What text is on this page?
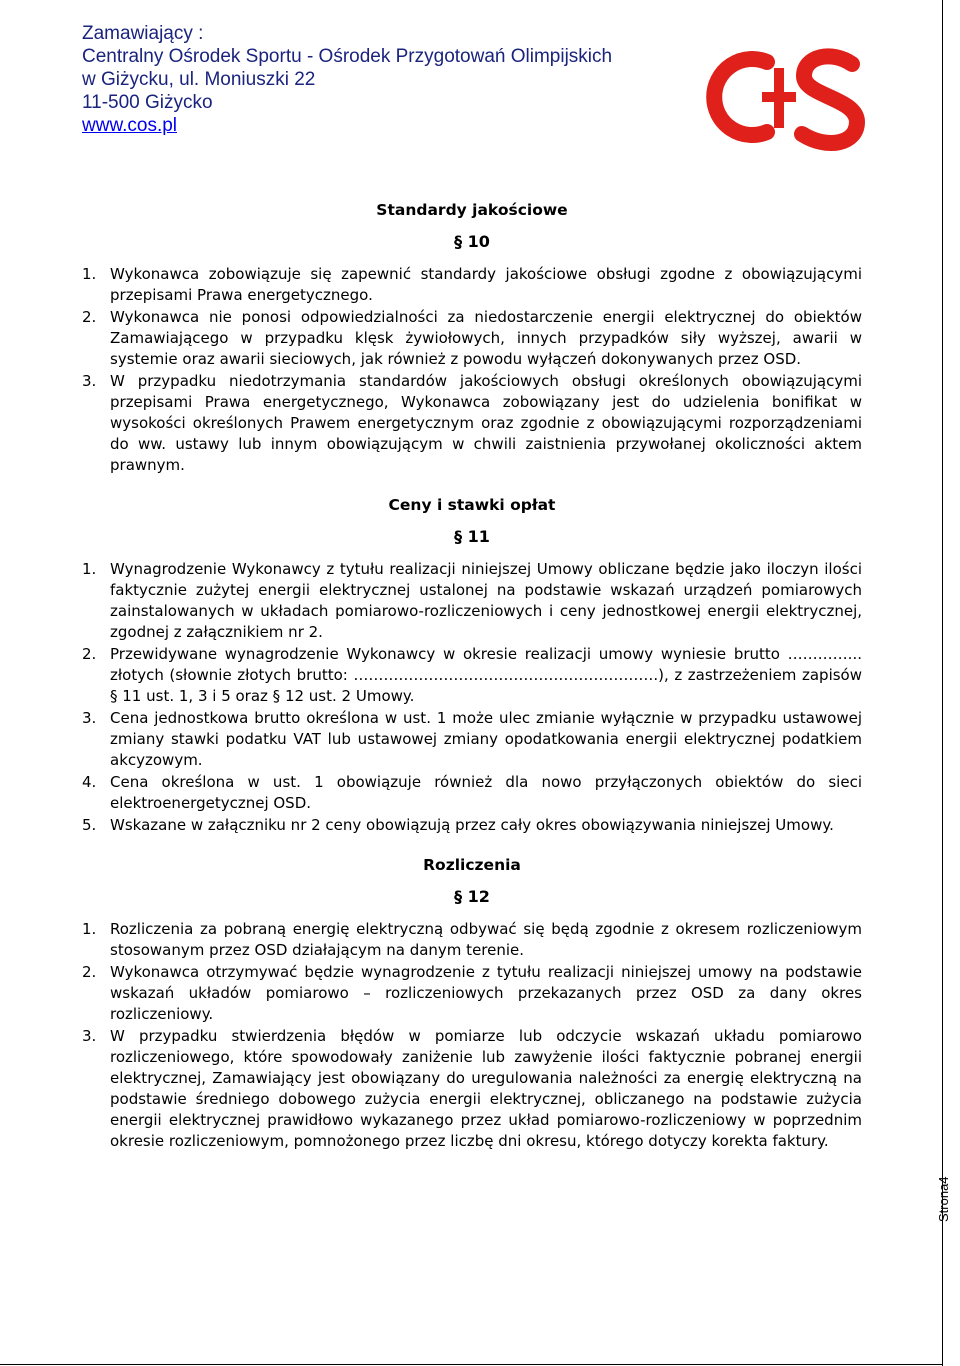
Zamawiający :
Centralny Ośrodek Sportu - Ośrodek Przygotowań Olimpijskich
w Giżycku, ul. Moniuszki 22
11-500 Giżycko
www.cos.pl
Strona4

Standardy jakościowe

§ 10

1. Wykonawca zobowiązuje się zapewnić standardy jakościowe obsługi zgodne z obowiązującymi przepisami Prawa energetycznego.
2. Wykonawca nie ponosi odpowiedzialności za niedostarczenie energii elektrycznej do obiektów Zamawiającego w przypadku klęsk żywiołowych, innych przypadków siły wyższej, awarii w systemie oraz awarii sieciowych, jak również z powodu wyłączeń dokonywanych przez OSD.
3. W przypadku niedotrzymania standardów jakościowych obsługi określonych obowiązującymi przepisami Prawa energetycznego, Wykonawca zobowiązany jest do udzielenia bonifikat w wysokości określonych Prawem energetycznym oraz zgodnie z obowiązującymi rozporządzeniami do ww. ustawy lub innym obowiązującym w chwili zaistnienia przywołanej okoliczności aktem prawnym.

Ceny i stawki opłat

§ 11

1. Wynagrodzenie Wykonawcy z tytułu realizacji niniejszej Umowy obliczane będzie jako iloczyn ilości faktycznie zużytej energii elektrycznej ustalonej na podstawie wskazań urządzeń pomiarowych zainstalowanych w układach pomiarowo-rozliczeniowych i ceny jednostkowej energii elektrycznej, zgodnej z załącznikiem nr 2.
2. Przewidywane wynagrodzenie Wykonawcy w okresie realizacji umowy wyniesie brutto …………... złotych (słownie złotych brutto: …………………………………………………….), z zastrzeżeniem zapisów § 11 ust. 1, 3 i 5 oraz § 12 ust. 2 Umowy.
3. Cena jednostkowa brutto określona w ust. 1 może ulec zmianie wyłącznie w przypadku ustawowej zmiany stawki podatku VAT lub ustawowej zmiany opodatkowania energii elektrycznej podatkiem akcyzowym.
4. Cena określona w ust. 1 obowiązuje również dla nowo przyłączonych obiektów do sieci elektroenergetycznej OSD.
5. Wskazane w załączniku nr 2 ceny obowiązują przez cały okres obowiązywania niniejszej Umowy.

Rozliczenia

§ 12

1. Rozliczenia za pobraną energię elektryczną odbywać się będą zgodnie z okresem rozliczeniowym stosowanym przez OSD działającym na danym terenie.
2. Wykonawca otrzymywać będzie wynagrodzenie z tytułu realizacji niniejszej umowy na podstawie wskazań układów pomiarowo – rozliczeniowych przekazanych przez OSD za dany okres rozliczeniowy.
3. W przypadku stwierdzenia błędów w pomiarze lub odczycie wskazań układu pomiarowo rozliczeniowego, które spowodowały zaniżenie lub zawyżenie ilości faktycznie pobranej energii elektrycznej, Zamawiający jest obowiązany do uregulowania należności za energię elektryczną na podstawie średniego dobowego zużycia energii elektrycznej, obliczanego na podstawie zużycia energii elektrycznej prawidłowo wykazanego przez układ pomiarowo-rozliczeniowy w poprzednim okresie rozliczeniowym, pomnożonego przez liczbę dni okresu, którego dotyczy korekta faktury.
